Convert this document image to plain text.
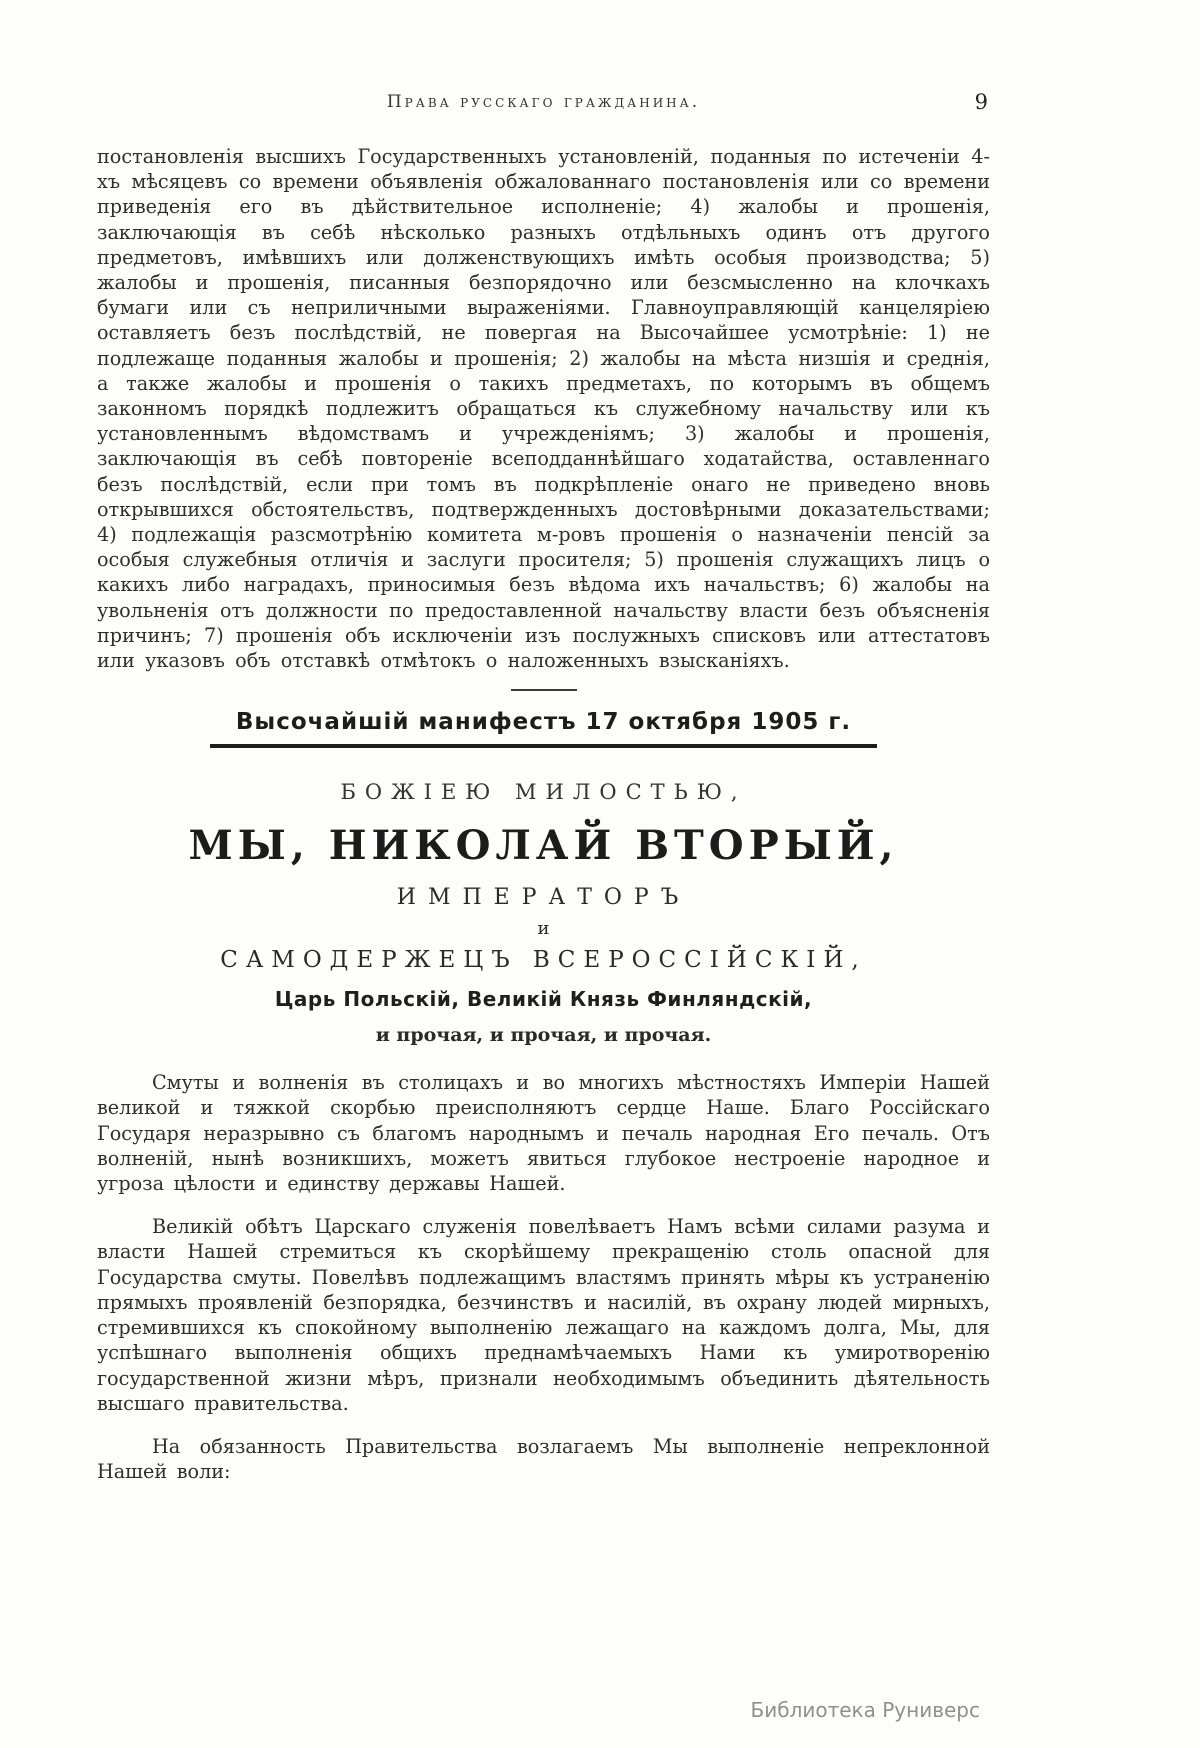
Права русскаго гражданина.	9

постановленія высшихъ Государственныхъ установленій, поданныя по истеченіи 4-хъ мѣсяцевъ со времени объявленія обжалованнаго постановленія или со времени приведенія его въ дѣйствительное исполненіе; 4) жалобы и прошенія, заключающія въ себѣ нѣсколько разныхъ отдѣльныхъ одинъ отъ другого предметовъ, имѣвшихъ или долженствующихъ имѣть особыя производства; 5) жалобы и прошенія, писанныя безпорядочно или безсмысленно на клочкахъ бумаги или съ неприличными выраженіями. Главноуправляющій канцеляріею оставляетъ безъ послѣдствій, не повергая на Высочайшее усмотрѣніе: 1) не подлежаще поданныя жалобы и прошенія; 2) жалобы на мѣста низшія и среднія, а также жалобы и прошенія о такихъ предметахъ, по которымъ въ общемъ законномъ порядкѣ подлежитъ обращаться къ служебному начальству или къ установленнымъ вѣдомствамъ и учрежденіямъ; 3) жалобы и прошенія, заключающія въ себѣ повтореніе всеподданнѣйшаго ходатайства, оставленнаго безъ послѣдствій, если при томъ въ подкрѣпленіе онаго не приведено вновь открывшихся обстоятельствъ, подтвержденныхъ достовѣрными доказательствами; 4) подлежащія разсмотрѣнію комитета м-ровъ прошенія о назначеніи пенсій за особыя служебныя отличія и заслуги просителя; 5) прошенія служащихъ лицъ о какихъ либо наградахъ, приносимыя безъ вѣдома ихъ начальствъ; 6) жалобы на увольненія отъ должности по предоставленной начальству власти безъ объясненія причинъ; 7) прошенія объ исключеніи изъ послужныхъ списковъ или аттестатовъ или указовъ объ отставкѣ отмѣтокъ о наложенныхъ взысканіяхъ.

Высочайшій манифестъ 17 октября 1905 г.
БОЖІЕЮ МИЛОСТЬЮ,
МЫ, НИКОЛАЙ ВТОРЫЙ,
ИМПЕРАТОРЪ
и
САМОДЕРЖЕЦЪ ВСЕРОССІЙСКІЙ,
Царь Польскій, Великій Князь Финляндскій,
и прочая, и прочая, и прочая.

Смуты и волненія въ столицахъ и во многихъ мѣстностяхъ Имперіи Нашей великой и тяжкой скорбью преисполняютъ сердце Наше. Благо Россійскаго Государя неразрывно съ благомъ народнымъ и печаль народная Его печаль. Отъ волненій, нынѣ возникшихъ, можетъ явиться глубокое нестроеніе народное и угроза цѣлости и единству державы Нашей.

Великій обѣтъ Царскаго служенія повелѣваетъ Намъ всѣми силами разума и власти Нашей стремиться къ скорѣйшему прекращенію столь опасной для Государства смуты. Повелѣвъ подлежащимъ властямъ принять мѣры къ устраненію прямыхъ проявленій безпорядка, безчинствъ и насилій, въ охрану людей мирныхъ, стремившихся къ спокойному выполненію лежащаго на каждомъ долга, Мы, для успѣшнаго выполненія общихъ преднамѣчаемыхъ Нами къ умиротворенію государственной жизни мѣръ, признали необходимымъ объединить дѣятельность высшаго правительства.

На обязанность Правительства возлагаемъ Мы выполненіе непреклонной Нашей воли:

Библиотека Руниверс
